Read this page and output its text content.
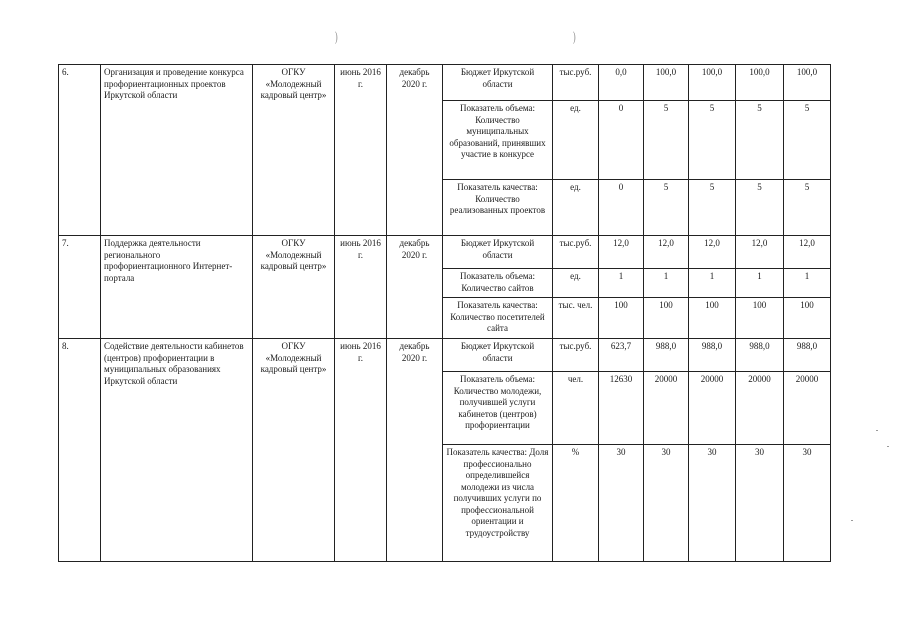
)	)
6.	Организация и проведение конкурса профориентационных проектов Иркутской области	ОГКУ «Молодежный кадровый центр»	июнь 2016 г.	декабрь 2020 г.	Бюджет Иркутской области	тыс.руб.	0,0	100,0	100,0	100,0	100,0
					Показатель объема: Количество муниципальных образований, принявших участие в конкурсе	ед.	0	5	5	5	5
					Показатель качества: Количество реализованных проектов	ед.	0	5	5	5	5
7.	Поддержка деятельности регионального профориентационного Интернет-портала	ОГКУ «Молодежный кадровый центр»	июнь 2016 г.	декабрь 2020 г.	Бюджет Иркутской области	тыс.руб.	12,0	12,0	12,0	12,0	12,0
					Показатель объема: Количество сайтов	ед.	1	1	1	1	1
					Показатель качества: Количество посетителей сайта	тыс. чел.	100	100	100	100	100
8.	Содействие деятельности кабинетов (центров) профориентации в муниципальных образованиях Иркутской области	ОГКУ «Молодежный кадровый центр»	июнь 2016 г.	декабрь 2020 г.	Бюджет Иркутской области	тыс.руб.	623,7	988,0	988,0	988,0	988,0
					Показатель объема: Количество молодежи, получившей услуги кабинетов (центров) профориентации	чел.	12630	20000	20000	20000	20000
					Показатель качества: Доля профессионально определившейся молодежи из числа получивших услуги по профессиональной ориентации и трудоустройству	%	30	30	30	30	30
